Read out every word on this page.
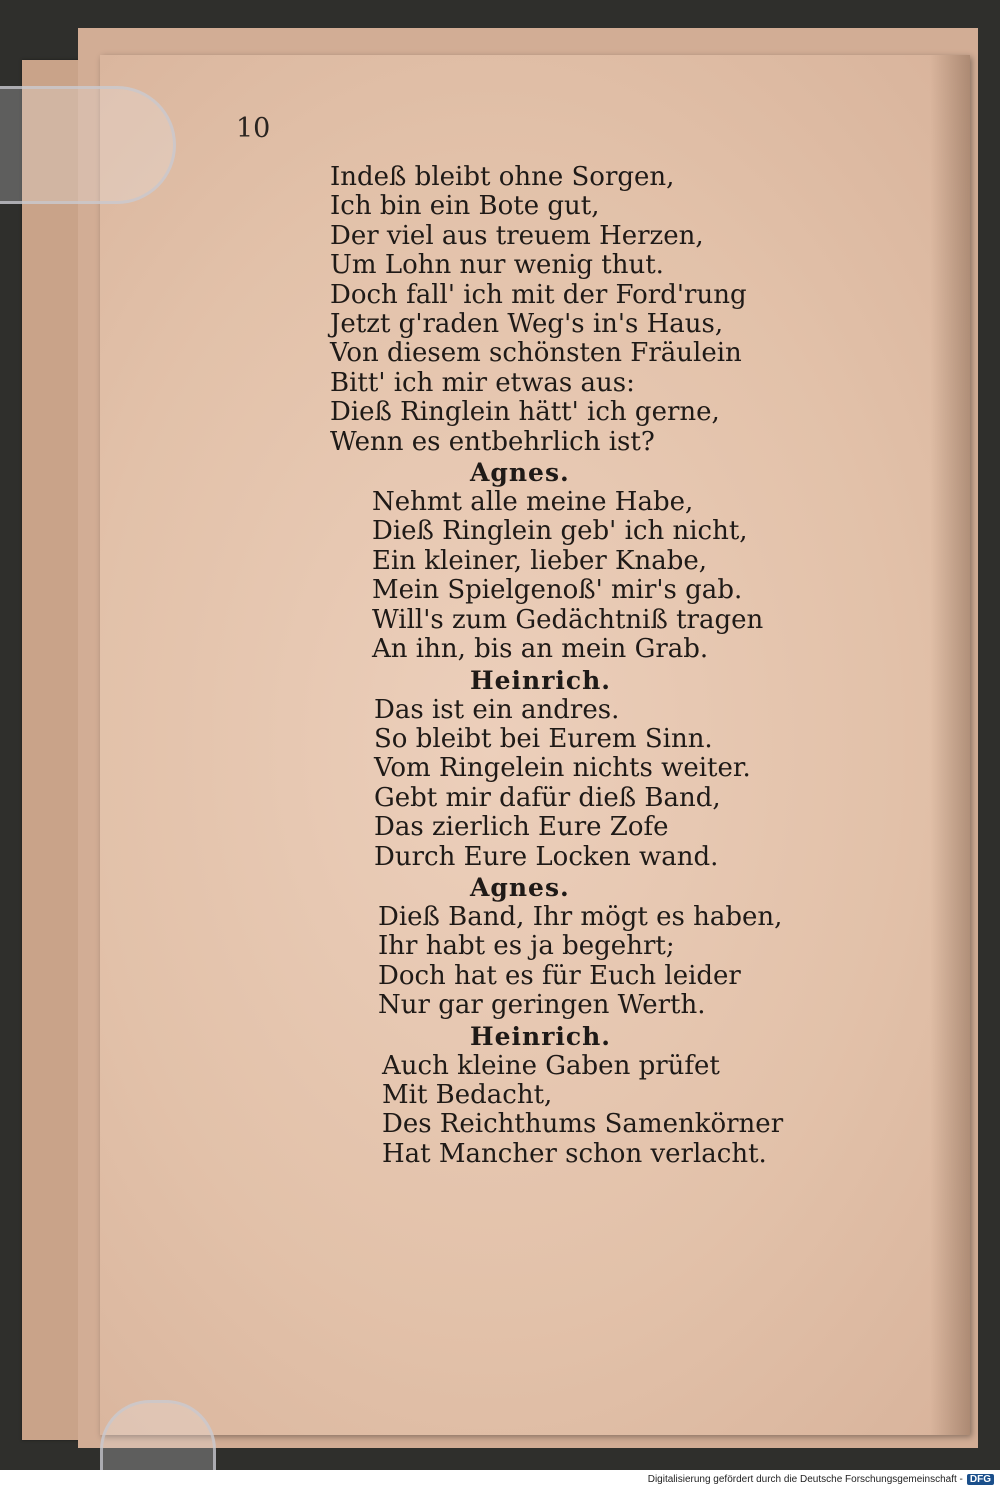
10
Indeß bleibt ohne Sorgen,
Ich bin ein Bote gut,
Der viel aus treuem Herzen,
Um Lohn nur wenig thut.
Doch fall' ich mit der Ford'rung
Jetzt g'raden Weg's in's Haus,
Von diesem schönsten Fräulein
Bitt' ich mir etwas aus:
Dieß Ringlein hätt' ich gerne,
Wenn es entbehrlich ist?
Agnes.
Nehmt alle meine Habe,
Dieß Ringlein geb' ich nicht,
Ein kleiner, lieber Knabe,
Mein Spielgenoß' mir's gab.
Will's zum Gedächtniß tragen
An ihn, bis an mein Grab.
Heinrich.
Das ist ein andres.
So bleibt bei Eurem Sinn.
Vom Ringelein nichts weiter.
Gebt mir dafür dieß Band,
Das zierlich Eure Zofe
Durch Eure Locken wand.
Agnes.
Dieß Band, Ihr mögt es haben,
Ihr habt es ja begehrt;
Doch hat es für Euch leider
Nur gar geringen Werth.
Heinrich.
Auch kleine Gaben prüfet
Mit Bedacht,
Des Reichthums Samenkörner
Hat Mancher schon verlacht.
Digitalisierung gefördert durch die Deutsche Forschungsgemeinschaft - DFG
